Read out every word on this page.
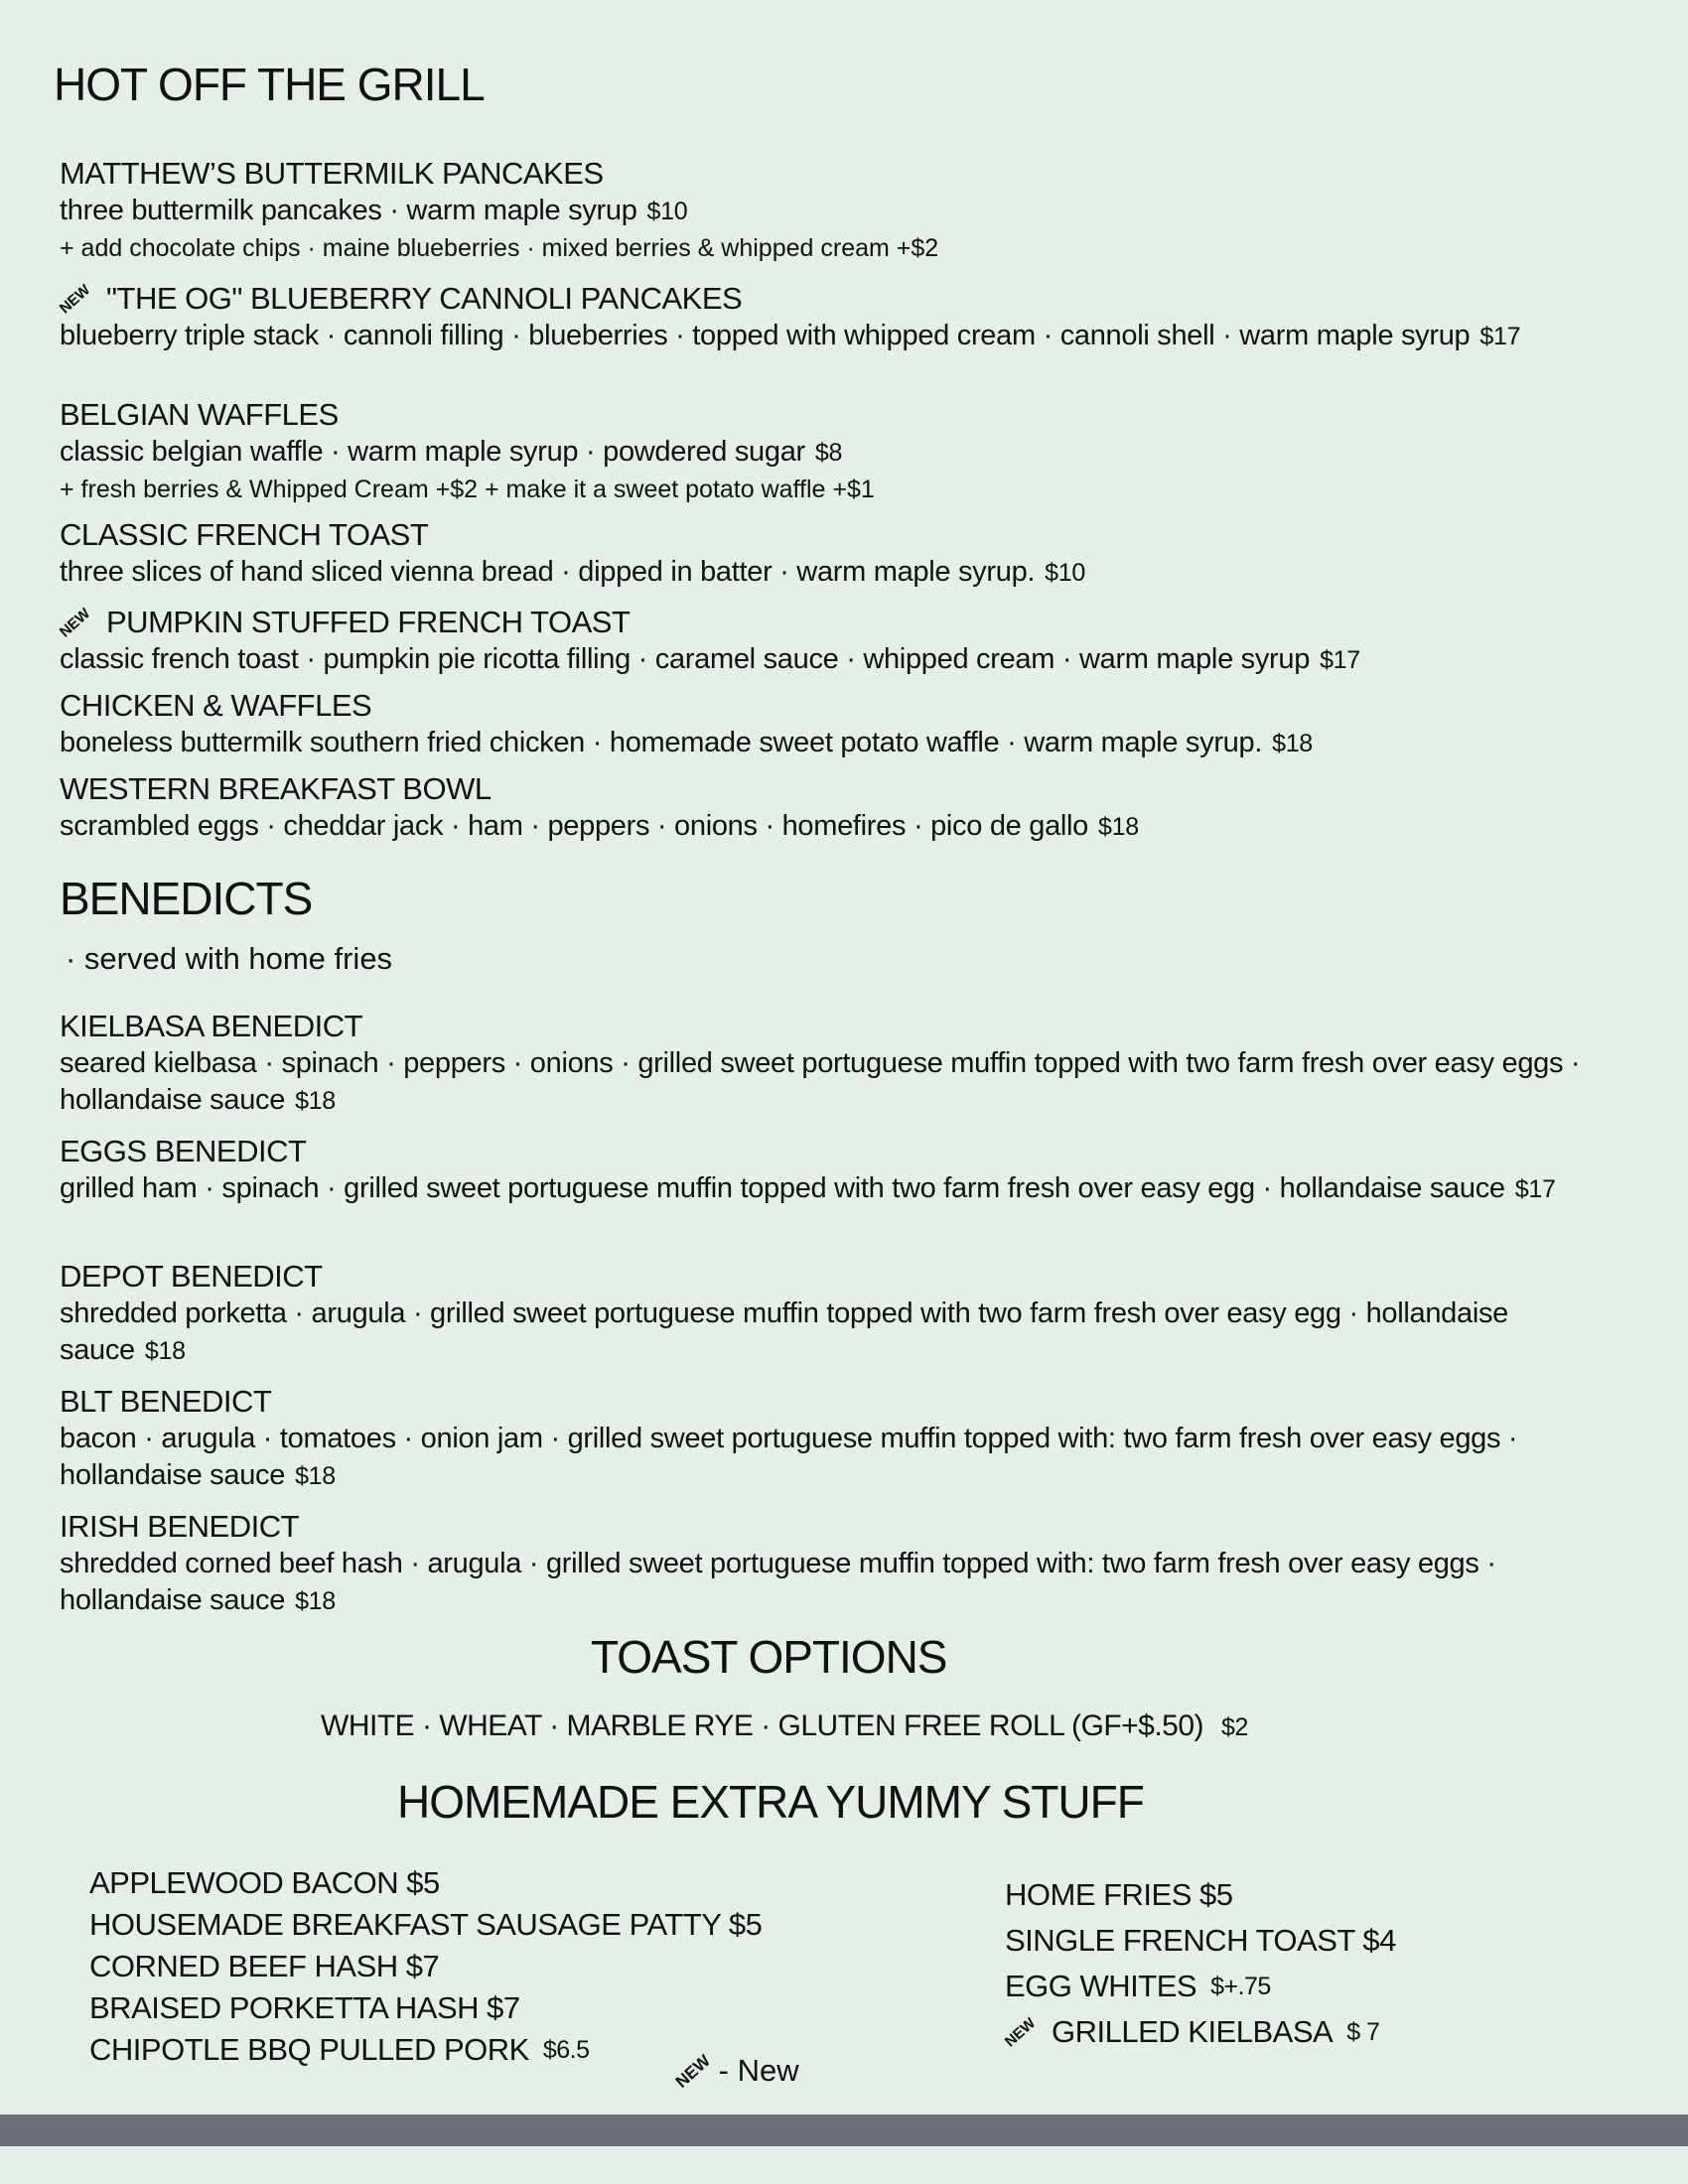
HOT OFF THE GRILL
MATTHEW’S BUTTERMILK PANCAKES
three buttermilk pancakes · warm maple syrup $10
+ add chocolate chips · maine blueberries · mixed berries & whipped cream +$2
NEW "THE OG" BLUEBERRY CANNOLI PANCAKES
blueberry triple stack · cannoli filling · blueberries · topped with whipped cream · cannoli shell · warm maple syrup $17
BELGIAN WAFFLES
classic belgian waffle · warm maple syrup · powdered sugar $8
+ fresh berries & Whipped Cream +$2 + make it a sweet potato waffle +$1
CLASSIC FRENCH TOAST
three slices of hand sliced vienna bread · dipped in batter · warm maple syrup. $10
NEW PUMPKIN STUFFED FRENCH TOAST
classic french toast · pumpkin pie ricotta filling · caramel sauce · whipped cream · warm maple syrup $17
CHICKEN & WAFFLES
boneless buttermilk southern fried chicken · homemade sweet potato waffle · warm maple syrup. $18
WESTERN BREAKFAST BOWL
scrambled eggs · cheddar jack · ham · peppers · onions · homefires · pico de gallo $18
BENEDICTS
· served with home fries
KIELBASA BENEDICT
seared kielbasa · spinach · peppers · onions · grilled sweet portuguese muffin topped with two farm fresh over easy eggs · hollandaise sauce $18
EGGS BENEDICT
grilled ham · spinach · grilled sweet portuguese muffin topped with two farm fresh over easy egg · hollandaise sauce $17
DEPOT BENEDICT
shredded porketta · arugula · grilled sweet portuguese muffin topped with two farm fresh over easy egg · hollandaise sauce $18
BLT BENEDICT
bacon · arugula · tomatoes · onion jam · grilled sweet portuguese muffin topped with: two farm fresh over easy eggs · hollandaise sauce $18
IRISH BENEDICT
shredded corned beef hash · arugula · grilled sweet portuguese muffin topped with: two farm fresh over easy eggs · hollandaise sauce $18
TOAST OPTIONS
WHITE · WHEAT · MARBLE RYE · GLUTEN FREE ROLL (GF+$.50) $2
HOMEMADE EXTRA YUMMY STUFF
APPLEWOOD BACON $5
HOUSEMADE BREAKFAST SAUSAGE PATTY $5
CORNED BEEF HASH $7
BRAISED PORKETTA HASH $7
CHIPOTLE BBQ PULLED PORK $6.5
HOME FRIES $5
SINGLE FRENCH TOAST $4
EGG WHITES $+.75
NEW GRILLED KIELBASA $ 7
NEW - New
